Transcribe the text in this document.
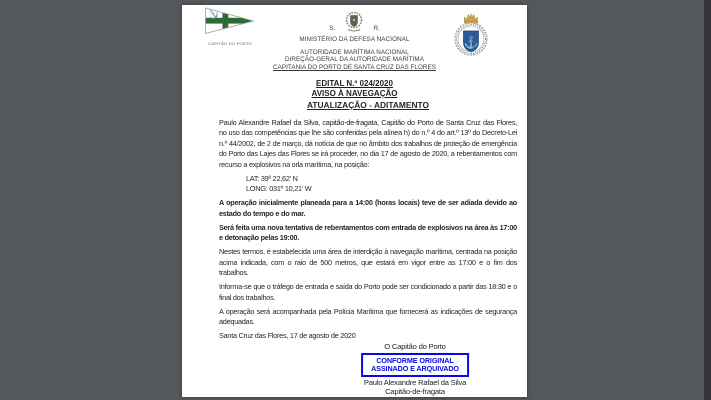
⚓
CAPITÃO DO PORTO	⚓
S.	R.
MINISTÉRIO DA DEFESA NACIONAL
AUTORIDADE MARÍTIMA NACIONAL
DIREÇÃO-GERAL DA AUTORIDADE MARÍTIMA
CAPITANIA DO PORTO DE SANTA CRUZ DAS FLORES
EDITAL N.º 024/2020
AVISO À NAVEGAÇÃO
ATUALIZAÇÃO - ADITAMENTO

Paulo Alexandre Rafael da Silva, capitão-de-fragata, Capitão do Porto de Santa Cruz das Flores, no uso das competências que lhe são conferidas pela alínea h) do n.º 4 do art.º 13º do Decreto-Lei n.º 44/2002, de 2 de março, dá notícia de que no âmbito dos trabalhos de proteção de emergência do Porto das Lajes das Flores se irá proceder, no dia 17 de agosto de 2020, a rebentamentos com recurso a explosivos na orla marítima, na posição:

LAT: 39º 22,62' N
LONG: 031º 10,21' W

A operação inicialmente planeada para a 14:00 (horas locais) teve de ser adiada devido ao estado do tempo e do mar.

Será feita uma nova tentativa de rebentamentos com entrada de explosivos na área às 17:00 e detonação pelas 19:00.

Nestes termos, é estabelecida uma área de interdição à navegação marítima, centrada na posição acima indicada, com o raio de 500 metros, que estará em vigor entre as 17:00 e o fim dos trabalhos.

Informa-se que o tráfego de entrada e saída do Porto pode ser condicionado a partir das 18:30 e o final dos trabalhos.

A operação será acompanhada pela Polícia Marítima que fornecerá as indicações de segurança adequadas.

Santa Cruz das Flores, 17 de agosto de 2020

O Capitão do Porto
CONFORME ORIGINAL
ASSINADO E ARQUIVADO
Paulo Alexandre Rafael da Silva
Capitão-de-fragata
